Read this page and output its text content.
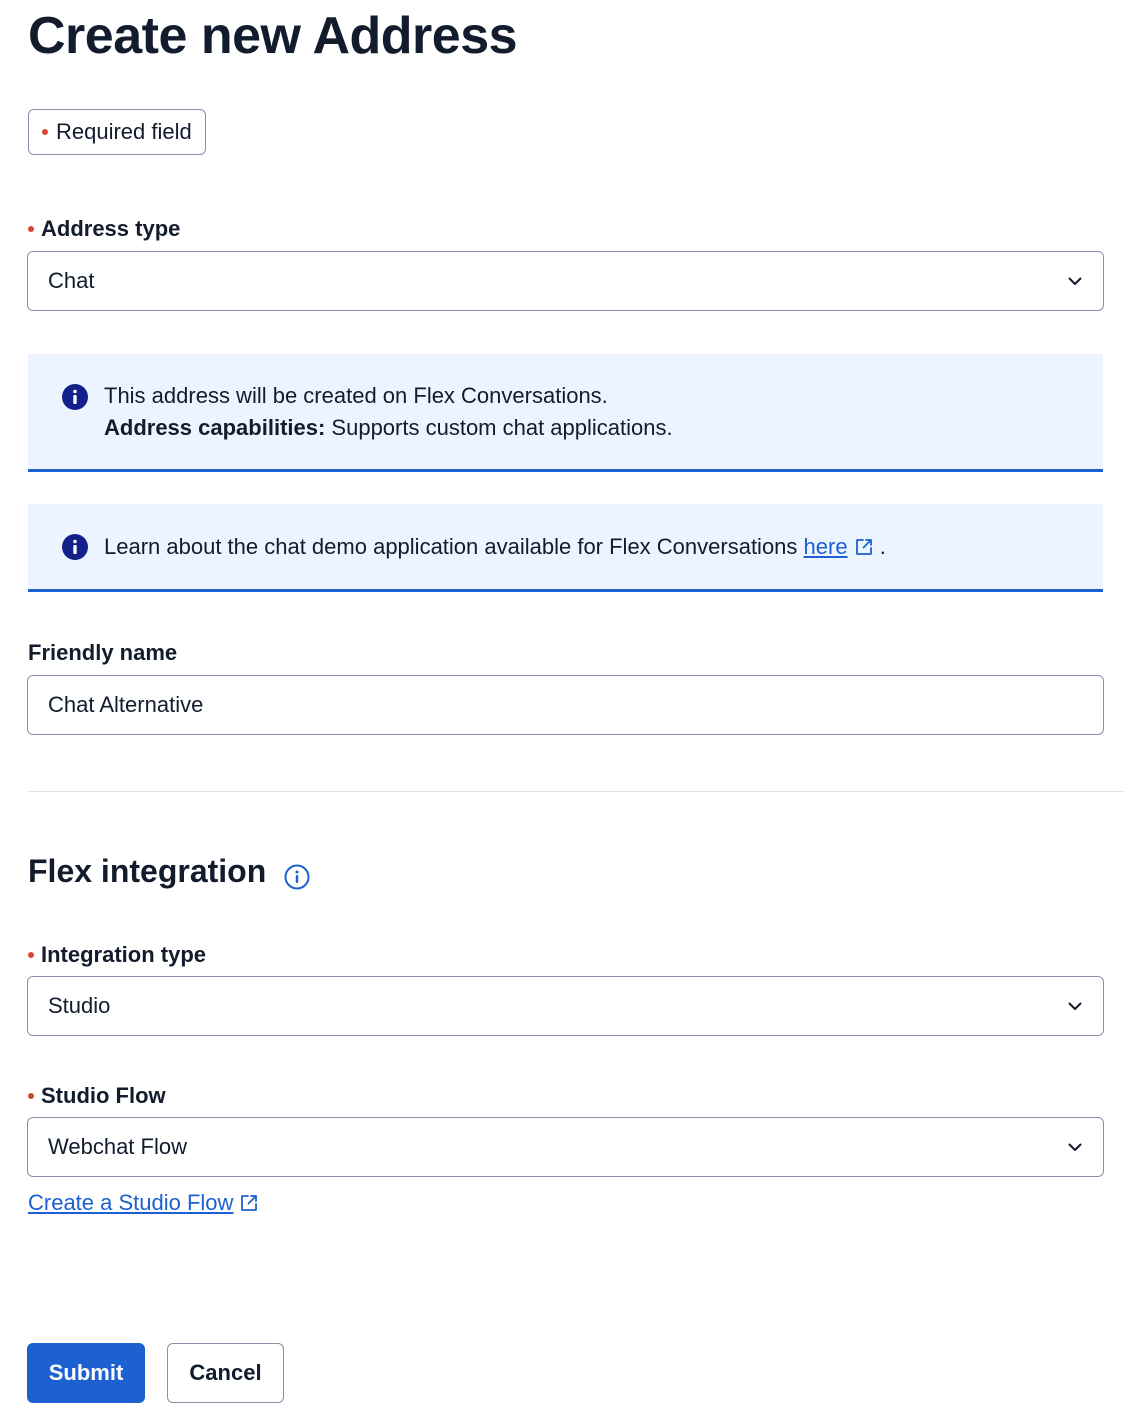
Create new Address
Required field
Address type
Chat
This address will be created on Flex Conversations.
Address capabilities: Supports custom chat applications.
Learn about the chat demo application available for Flex Conversations here .
Friendly name
Chat Alternative
Flex integration
Integration type
Studio
Studio Flow
Webchat Flow
Create a Studio Flow
Submit	Cancel
